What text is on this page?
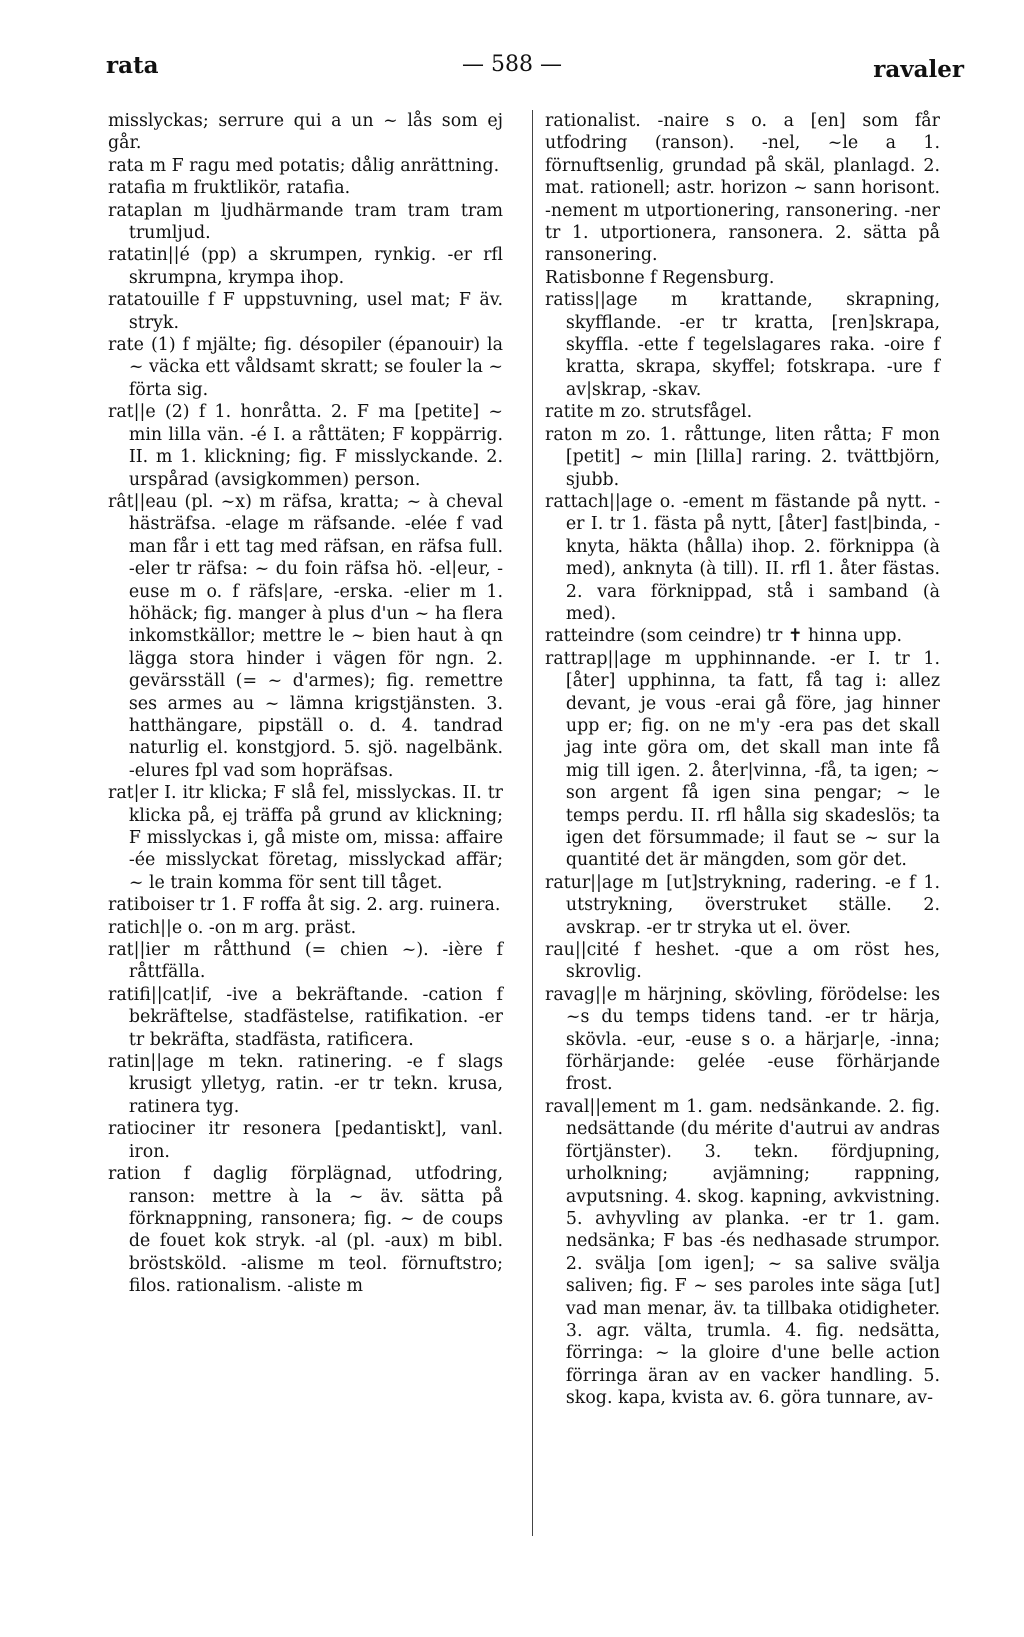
rata	— 588 —	ravaler

misslyckas; serrure qui a un ~ lås som ej går.

rata m F ragu med potatis; dålig anrättning.

ratafia m fruktlikör, ratafia.

rataplan m ljudhärmande tram tram tram trumljud.

ratatin||é (pp) a skrumpen, rynkig. -er rfl skrumpna, krympa ihop.

ratatouille f F uppstuvning, usel mat; F äv. stryk.

rate (1) f mjälte; fig. désopiler (épanouir) la ~ väcka ett våldsamt skratt; se fouler la ~ förta sig.

rat||e (2) f 1. honråtta. 2. F ma [petite] ~ min lilla vän. -é I. a råttäten; F koppärrig. II. m 1. klickning; fig. F misslyckande. 2. urspårad (avsigkommen) person.

rât||eau (pl. ~x) m räfsa, kratta; ~ à cheval hästräfsa. -elage m räfsande. -elée f vad man får i ett tag med räfsan, en räfsa full. -eler tr räfsa: ~ du foin räfsa hö. -el|eur, -euse m o. f räfs|are, -erska. -elier m 1. höhäck; fig. manger à plus d'un ~ ha flera inkomstkällor; mettre le ~ bien haut à qn lägga stora hinder i vägen för ngn. 2. gevärsställ (= ~ d'armes); fig. remettre ses armes au ~ lämna krigstjänsten. 3. hatthängare, pipställ o. d. 4. tandrad naturlig el. konstgjord. 5. sjö. nagelbänk. -elures fpl vad som hopräfsas.

rat|er I. itr klicka; F slå fel, misslyckas. II. tr klicka på, ej träffa på grund av klickning; F misslyckas i, gå miste om, missa: affaire -ée misslyckat företag, misslyckad affär; ~ le train komma för sent till tåget.

ratiboiser tr 1. F roffa åt sig. 2. arg. ruinera.

ratich||e o. -on m arg. präst.

rat||ier m råtthund (= chien ~). -ière f råttfälla.

ratifi||cat|if, -ive a bekräftande. -cation f bekräftelse, stadfästelse, ratifikation. -er tr bekräfta, stadfästa, ratificera.

ratin||age m tekn. ratinering. -e f slags krusigt ylletyg, ratin. -er tr tekn. krusa, ratinera tyg.

ratiociner itr resonera [pedantiskt], vanl. iron.

ration f daglig förplägnad, utfodring, ranson: mettre à la ~ äv. sätta på förknappning, ransonera; fig. ~ de coups de fouet kok stryk. -al (pl. -aux) m bibl. bröstsköld. -alisme m teol. förnuftstro; filos. rationalism. -aliste m

rationalist. -naire s o. a [en] som får utfodring (ranson). -nel, ~le a 1. förnuftsenlig, grundad på skäl, planlagd. 2. mat. rationell; astr. horizon ~ sann horisont. -nement m utportionering, ransonering. -ner tr 1. utportionera, ransonera. 2. sätta på ransonering.

Ratisbonne f Regensburg.

ratiss||age m krattande, skrapning, skyfflande. -er tr kratta, [ren]skrapa, skyffla. -ette f tegelslagares raka. -oire f kratta, skrapa, skyffel; fotskrapa. -ure f av|skrap, -skav.

ratite m zo. strutsfågel.

raton m zo. 1. råttunge, liten råtta; F mon [petit] ~ min [lilla] raring. 2. tvättbjörn, sjubb.

rattach||age o. -ement m fästande på nytt. -er I. tr 1. fästa på nytt, [åter] fast|binda, -knyta, häkta (hålla) ihop. 2. förknippa (à med), anknyta (à till). II. rfl 1. åter fästas. 2. vara förknippad, stå i samband (à med).

ratteindre (som ceindre) tr ✝ hinna upp.

rattrap||age m upphinnande. -er I. tr 1. [åter] upphinna, ta fatt, få tag i: allez devant, je vous -erai gå före, jag hinner upp er; fig. on ne m'y -era pas det skall jag inte göra om, det skall man inte få mig till igen. 2. åter|vinna, -få, ta igen; ~ son argent få igen sina pengar; ~ le temps perdu. II. rfl hålla sig skadeslös; ta igen det försummade; il faut se ~ sur la quantité det är mängden, som gör det.

ratur||age m [ut]strykning, radering. -e f 1. utstrykning, överstruket ställe. 2. avskrap. -er tr stryka ut el. över.

rau||cité f heshet. -que a om röst hes, skrovlig.

ravag||e m härjning, skövling, förödelse: les ~s du temps tidens tand. -er tr härja, skövla. -eur, -euse s o. a härjar|e, -inna; förhärjande: gelée -euse förhärjande frost.

raval||ement m 1. gam. nedsänkande. 2. fig. nedsättande (du mérite d'autrui av andras förtjänster). 3. tekn. fördjupning, urholkning; avjämning; rappning, avputsning. 4. skog. kapning, avkvistning. 5. avhyvling av planka. -er tr 1. gam. nedsänka; F bas -és nedhasade strumpor. 2. svälja [om igen]; ~ sa salive svälja saliven; fig. F ~ ses paroles inte säga [ut] vad man menar, äv. ta tillbaka otidigheter. 3. agr. välta, trumla. 4. fig. nedsätta, förringa: ~ la gloire d'une belle action förringa äran av en vacker handling. 5. skog. kapa, kvista av. 6. göra tunnare, av-
